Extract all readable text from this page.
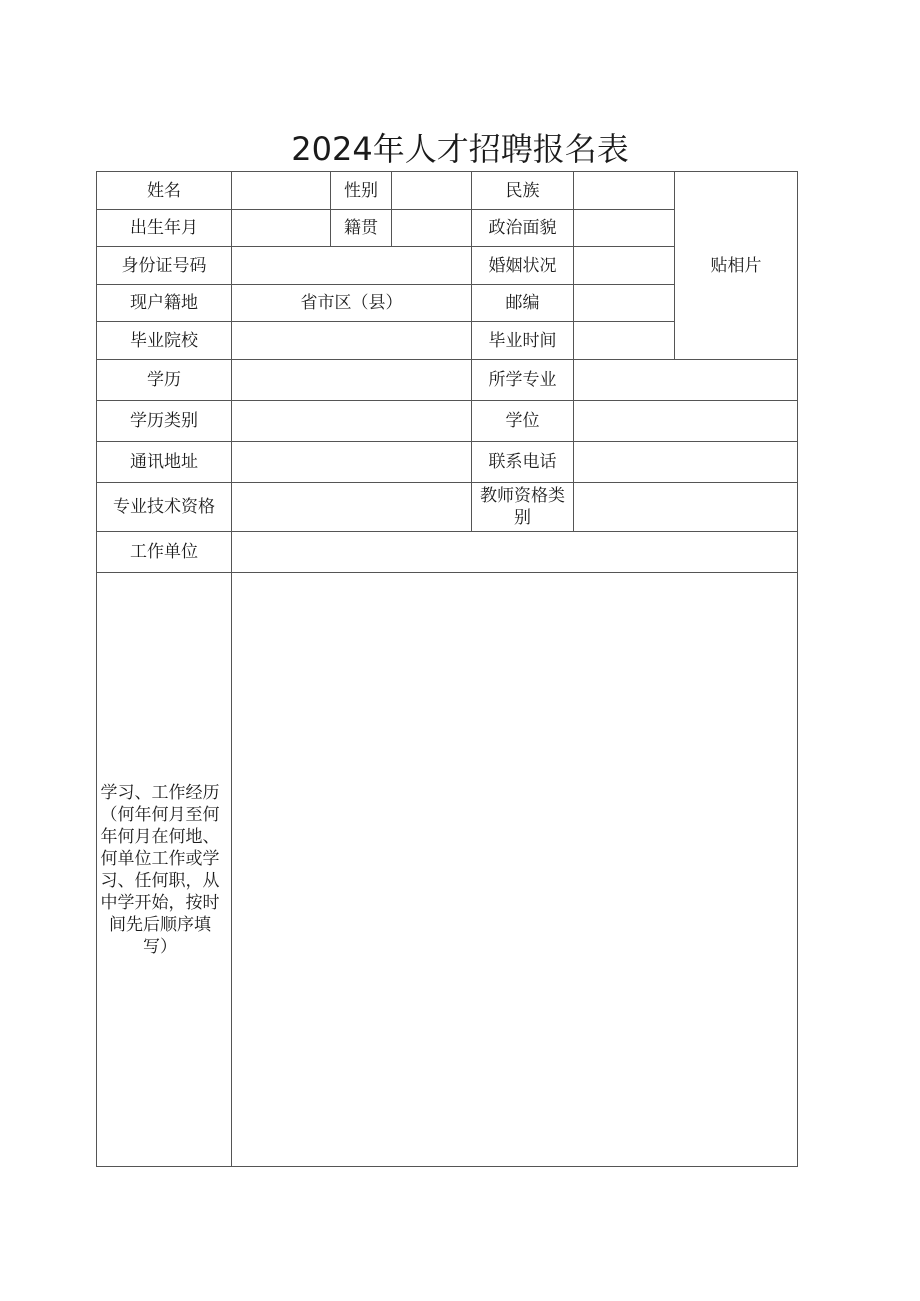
2024年人才招聘报名表
姓名		性别		民族		贴相片
出生年月		籍贯		政治面貌		
身份证号码				婚姻状况		
现户籍地	省市区（县）			邮编		
毕业院校				毕业时间		
学历				所学专业		
学历类别				学位		
通讯地址				联系电话		
专业技术资格				教师资格类别		
工作单位						

学习、工作经历（何年何月至何年何月在何地、何单位工作或学习、任何职，从中学开始，按时间先后顺序填写）						
